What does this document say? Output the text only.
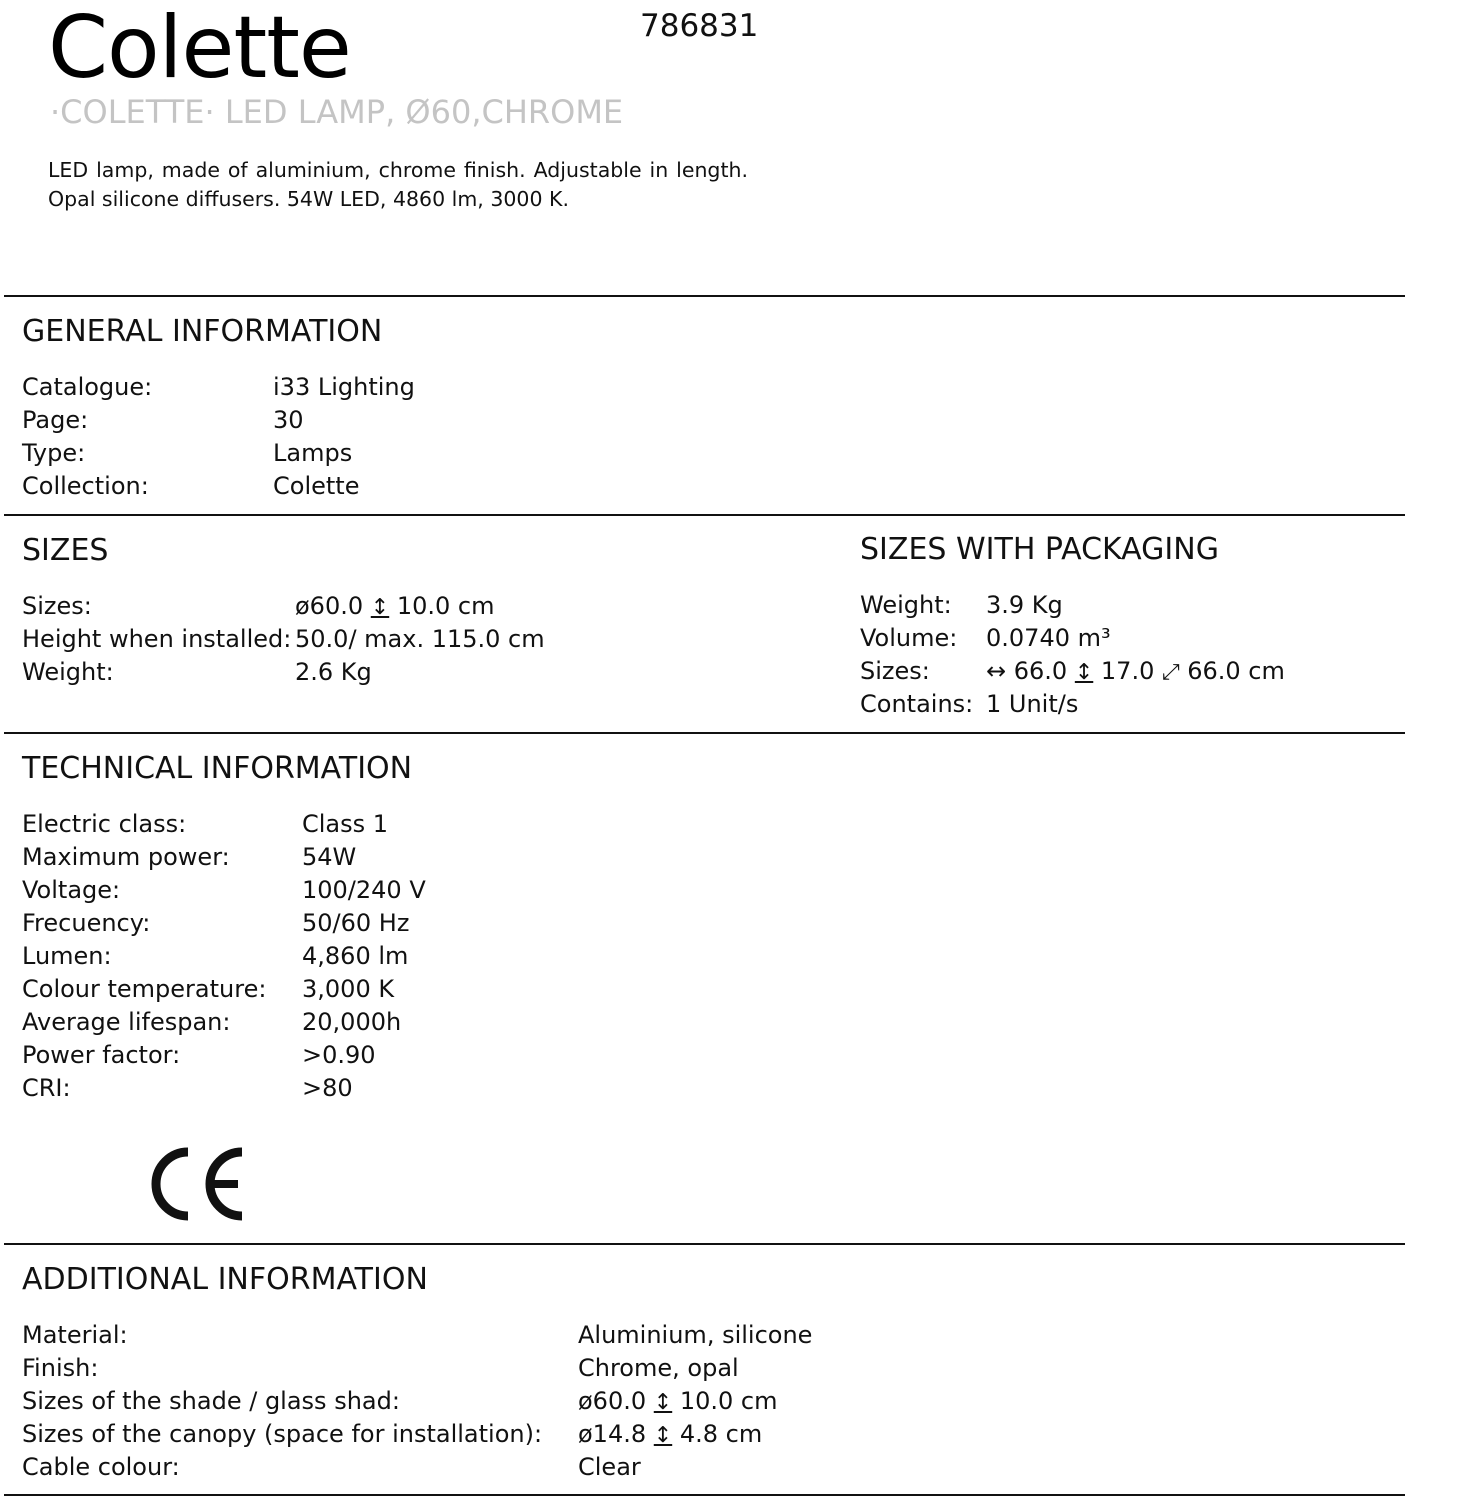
Colette	786831
·COLETTE· LED LAMP, Ø60,CHROME
LED lamp, made of aluminium, chrome finish. Adjustable in length.
Opal silicone diffusers. 54W LED, 4860 lm, 3000 K.
GENERAL INFORMATION
Catalogue:	i33 Lighting
Page:	30
Type:	Lamps
Collection:	Colette
SIZES
Sizes:	ø60.0 ↕ 10.0 cm
Height when installed: 50.0/ max. 115.0 cm
Weight:	2.6 Kg
SIZES WITH PACKAGING
Weight: 3.9 Kg
Volume: 0.0740 m³
Sizes: ↔ 66.0 ↕ 17.0 ⤢ 66.0 cm
Contains: 1 Unit/s
TECHNICAL INFORMATION
Electric class:	Class 1
Maximum power:	54W
Voltage:	100/240 V
Frecuency:	50/60 Hz
Lumen:	4,860 lm
Colour temperature: 3,000 K
Average lifespan:	20,000h
Power factor:	>0.90
CRI:	>80
ADDITIONAL INFORMATION
Material:	Aluminium, silicone
Finish:	Chrome, opal
Sizes of the shade / glass shad:	ø60.0 ↕ 10.0 cm
Sizes of the canopy (space for installation): ø14.8 ↕ 4.8 cm
Cable colour:	Clear
